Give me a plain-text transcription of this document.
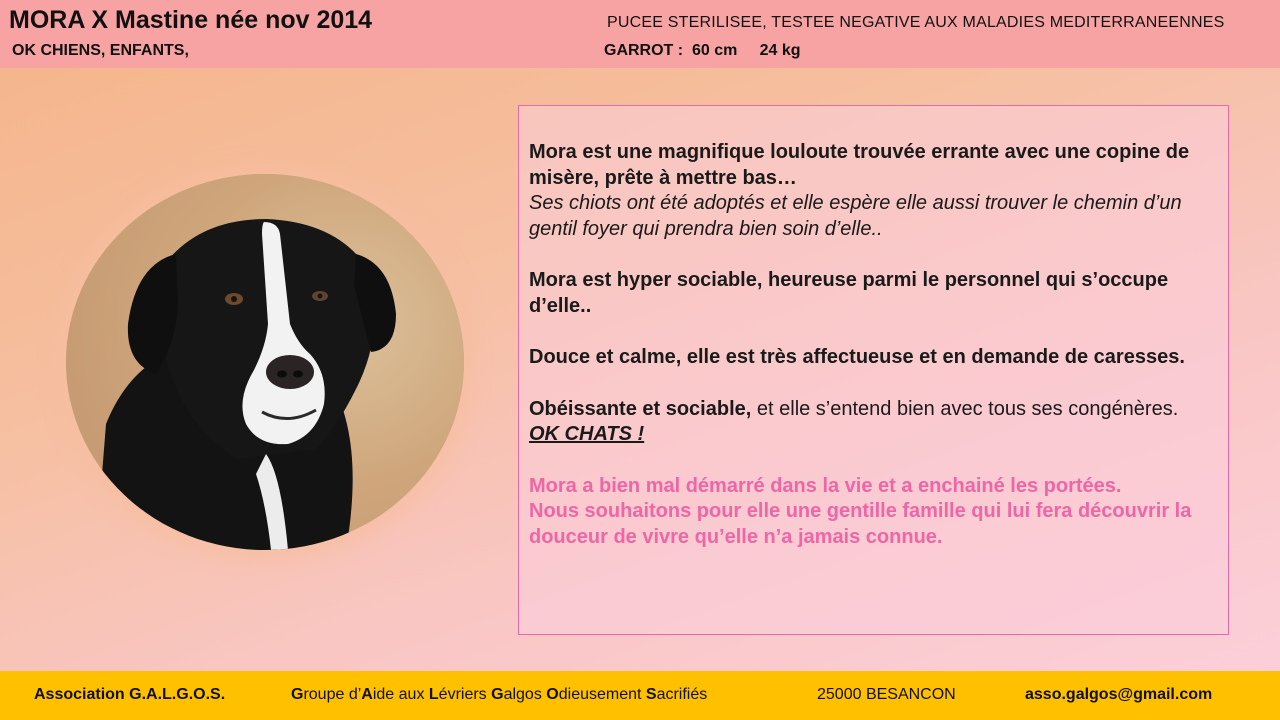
MORA X Mastine née nov 2014
OK CHIENS, ENFANTS,
PUCEE STERILISEE, TESTEE NEGATIVE AUX MALADIES MEDITERRANEENNES
GARROT : 60 cm 24 kg
Mora est une magnifique louloute trouvée errante avec une copine de misère, prête à mettre bas…
Ses chiots ont été adoptés et elle espère elle aussi trouver le chemin d’un gentil foyer qui prendra bien soin d’elle..
Mora est hyper sociable, heureuse parmi le personnel qui s’occupe d’elle..
Douce et calme, elle est très affectueuse et en demande de caresses.
Obéissante et sociable, et elle s’entend bien avec tous ses congénères.
OK CHATS !
Mora a bien mal démarré dans la vie et a enchainé les portées.
Nous souhaitons pour elle une gentille famille qui lui fera découvrir la douceur de vivre qu’elle n’a jamais connue.
Association G.A.L.G.O.S.	Groupe d’Aide aux Lévriers Galgos Odieusement Sacrifiés	25000 BESANCON	asso.galgos@gmail.com
